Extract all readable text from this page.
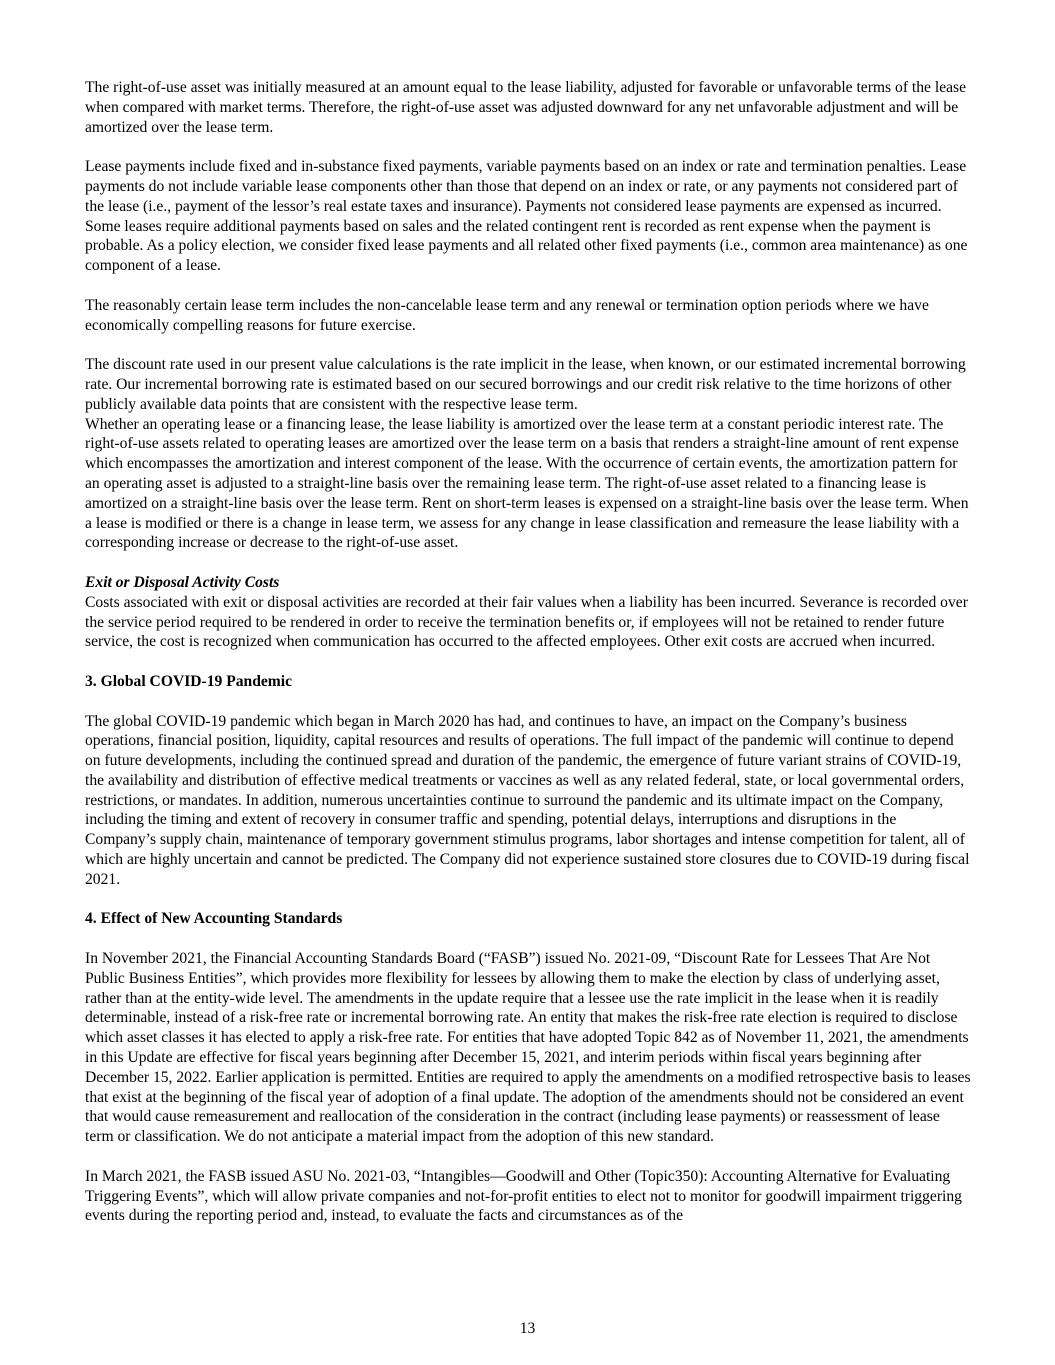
The right-of-use asset was initially measured at an amount equal to the lease liability, adjusted for favorable or unfavorable terms of the lease when compared with market terms. Therefore, the right-of-use asset was adjusted downward for any net unfavorable adjustment and will be amortized over the lease term.

Lease payments include fixed and in-substance fixed payments, variable payments based on an index or rate and termination penalties. Lease payments do not include variable lease components other than those that depend on an index or rate, or any payments not considered part of the lease (i.e., payment of the lessor’s real estate taxes and insurance). Payments not considered lease payments are expensed as incurred. Some leases require additional payments based on sales and the related contingent rent is recorded as rent expense when the payment is probable. As a policy election, we consider fixed lease payments and all related other fixed payments (i.e., common area maintenance) as one component of a lease.

The reasonably certain lease term includes the non-cancelable lease term and any renewal or termination option periods where we have economically compelling reasons for future exercise.

The discount rate used in our present value calculations is the rate implicit in the lease, when known, or our estimated incremental borrowing rate. Our incremental borrowing rate is estimated based on our secured borrowings and our credit risk relative to the time horizons of other publicly available data points that are consistent with the respective lease term.

Whether an operating lease or a financing lease, the lease liability is amortized over the lease term at a constant periodic interest rate. The right-of-use assets related to operating leases are amortized over the lease term on a basis that renders a straight-line amount of rent expense which encompasses the amortization and interest component of the lease. With the occurrence of certain events, the amortization pattern for an operating asset is adjusted to a straight-line basis over the remaining lease term. The right-of-use asset related to a financing lease is amortized on a straight-line basis over the lease term. Rent on short-term leases is expensed on a straight-line basis over the lease term. When a lease is modified or there is a change in lease term, we assess for any change in lease classification and remeasure the lease liability with a corresponding increase or decrease to the right-of-use asset.

Exit or Disposal Activity Costs

Costs associated with exit or disposal activities are recorded at their fair values when a liability has been incurred. Severance is recorded over the service period required to be rendered in order to receive the termination benefits or, if employees will not be retained to render future service, the cost is recognized when communication has occurred to the affected employees. Other exit costs are accrued when incurred.

3. Global COVID-19 Pandemic

The global COVID-19 pandemic which began in March 2020 has had, and continues to have, an impact on the Company’s business operations, financial position, liquidity, capital resources and results of operations. The full impact of the pandemic will continue to depend on future developments, including the continued spread and duration of the pandemic, the emergence of future variant strains of COVID-19, the availability and distribution of effective medical treatments or vaccines as well as any related federal, state, or local governmental orders, restrictions, or mandates. In addition, numerous uncertainties continue to surround the pandemic and its ultimate impact on the Company, including the timing and extent of recovery in consumer traffic and spending, potential delays, interruptions and disruptions in the Company’s supply chain, maintenance of temporary government stimulus programs, labor shortages and intense competition for talent, all of which are highly uncertain and cannot be predicted. The Company did not experience sustained store closures due to COVID-19 during fiscal 2021.

4. Effect of New Accounting Standards

In November 2021, the Financial Accounting Standards Board (“FASB”) issued No. 2021-09, “Discount Rate for Lessees That Are Not Public Business Entities”, which provides more flexibility for lessees by allowing them to make the election by class of underlying asset, rather than at the entity-wide level. The amendments in the update require that a lessee use the rate implicit in the lease when it is readily determinable, instead of a risk-free rate or incremental borrowing rate. An entity that makes the risk-free rate election is required to disclose which asset classes it has elected to apply a risk-free rate. For entities that have adopted Topic 842 as of November 11, 2021, the amendments in this Update are effective for fiscal years beginning after December 15, 2021, and interim periods within fiscal years beginning after December 15, 2022. Earlier application is permitted. Entities are required to apply the amendments on a modified retrospective basis to leases that exist at the beginning of the fiscal year of adoption of a final update. The adoption of the amendments should not be considered an event that would cause remeasurement and reallocation of the consideration in the contract (including lease payments) or reassessment of lease term or classification. We do not anticipate a material impact from the adoption of this new standard.

In March 2021, the FASB issued ASU No. 2021-03, “Intangibles—Goodwill and Other (Topic350): Accounting Alternative for Evaluating Triggering Events”, which will allow private companies and not-for-profit entities to elect not to monitor for goodwill impairment triggering events during the reporting period and, instead, to evaluate the facts and circumstances as of the

13
